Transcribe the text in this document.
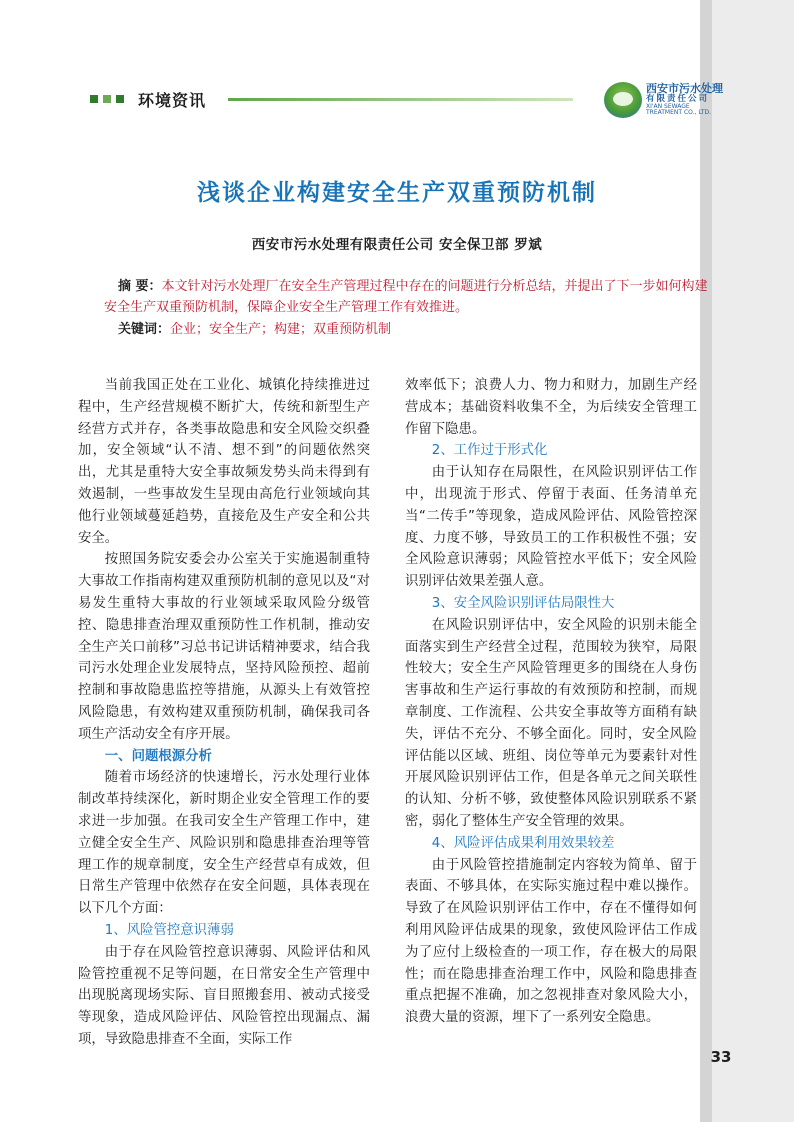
环境资讯
西安市污水处理
有限责任公司
XI'AN SEWAGE
TREATMENT CO., LTD.
浅谈企业构建安全生产双重预防机制
西安市污水处理有限责任公司 安全保卫部 罗斌

摘 要：本文针对污水处理厂在安全生产管理过程中存在的问题进行分析总结，并提出了下一步如何构建安全生产双重预防机制，保障企业安全生产管理工作有效推进。

关键词：企业；安全生产；构建；双重预防机制

当前我国正处在工业化、城镇化持续推进过程中，生产经营规模不断扩大，传统和新型生产经营方式并存，各类事故隐患和安全风险交织叠加，安全领域“认不清、想不到”的问题依然突出，尤其是重特大安全事故频发势头尚未得到有效遏制，一些事故发生呈现由高危行业领域向其他行业领域蔓延趋势，直接危及生产安全和公共安全。

按照国务院安委会办公室关于实施遏制重特大事故工作指南构建双重预防机制的意见以及“对易发生重特大事故的行业领域采取风险分级管控、隐患排查治理双重预防性工作机制，推动安全生产关口前移”习总书记讲话精神要求，结合我司污水处理企业发展特点，坚持风险预控、超前控制和事故隐患监控等措施，从源头上有效管控风险隐患，有效构建双重预防机制，确保我司各项生产活动安全有序开展。

一、问题根源分析

随着市场经济的快速增长，污水处理行业体制改革持续深化，新时期企业安全管理工作的要求进一步加强。在我司安全生产管理工作中，建立健全安全生产、风险识别和隐患排查治理等管理工作的规章制度，安全生产经营卓有成效，但日常生产管理中依然存在安全问题，具体表现在以下几个方面：

1、风险管控意识薄弱

由于存在风险管控意识薄弱、风险评估和风险管控重视不足等问题，在日常安全生产管理中出现脱离现场实际、盲目照搬套用、被动式接受等现象，造成风险评估、风险管控出现漏点、漏项，导致隐患排查不全面，实际工作

效率低下；浪费人力、物力和财力，加剧生产经营成本；基础资料收集不全，为后续安全管理工作留下隐患。

2、工作过于形式化

由于认知存在局限性，在风险识别评估工作中，出现流于形式、停留于表面、任务清单充当“二传手”等现象，造成风险评估、风险管控深度、力度不够，导致员工的工作积极性不强；安全风险意识薄弱；风险管控水平低下；安全风险识别评估效果差强人意。

3、安全风险识别评估局限性大

在风险识别评估中，安全风险的识别未能全面落实到生产经营全过程，范围较为狭窄，局限性较大；安全生产风险管理更多的围绕在人身伤害事故和生产运行事故的有效预防和控制，而规章制度、工作流程、公共安全事故等方面稍有缺失，评估不充分、不够全面化。同时，安全风险评估能以区域、班组、岗位等单元为要素针对性开展风险识别评估工作，但是各单元之间关联性的认知、分析不够，致使整体风险识别联系不紧密，弱化了整体生产安全管理的效果。

4、风险评估成果利用效果较差

由于风险管控措施制定内容较为简单、留于表面、不够具体，在实际实施过程中难以操作。导致了在风险识别评估工作中，存在不懂得如何利用风险评估成果的现象，致使风险评估工作成为了应付上级检查的一项工作，存在极大的局限性；而在隐患排查治理工作中，风险和隐患排查重点把握不准确，加之忽视排查对象风险大小，浪费大量的资源，埋下了一系列安全隐患。

33
